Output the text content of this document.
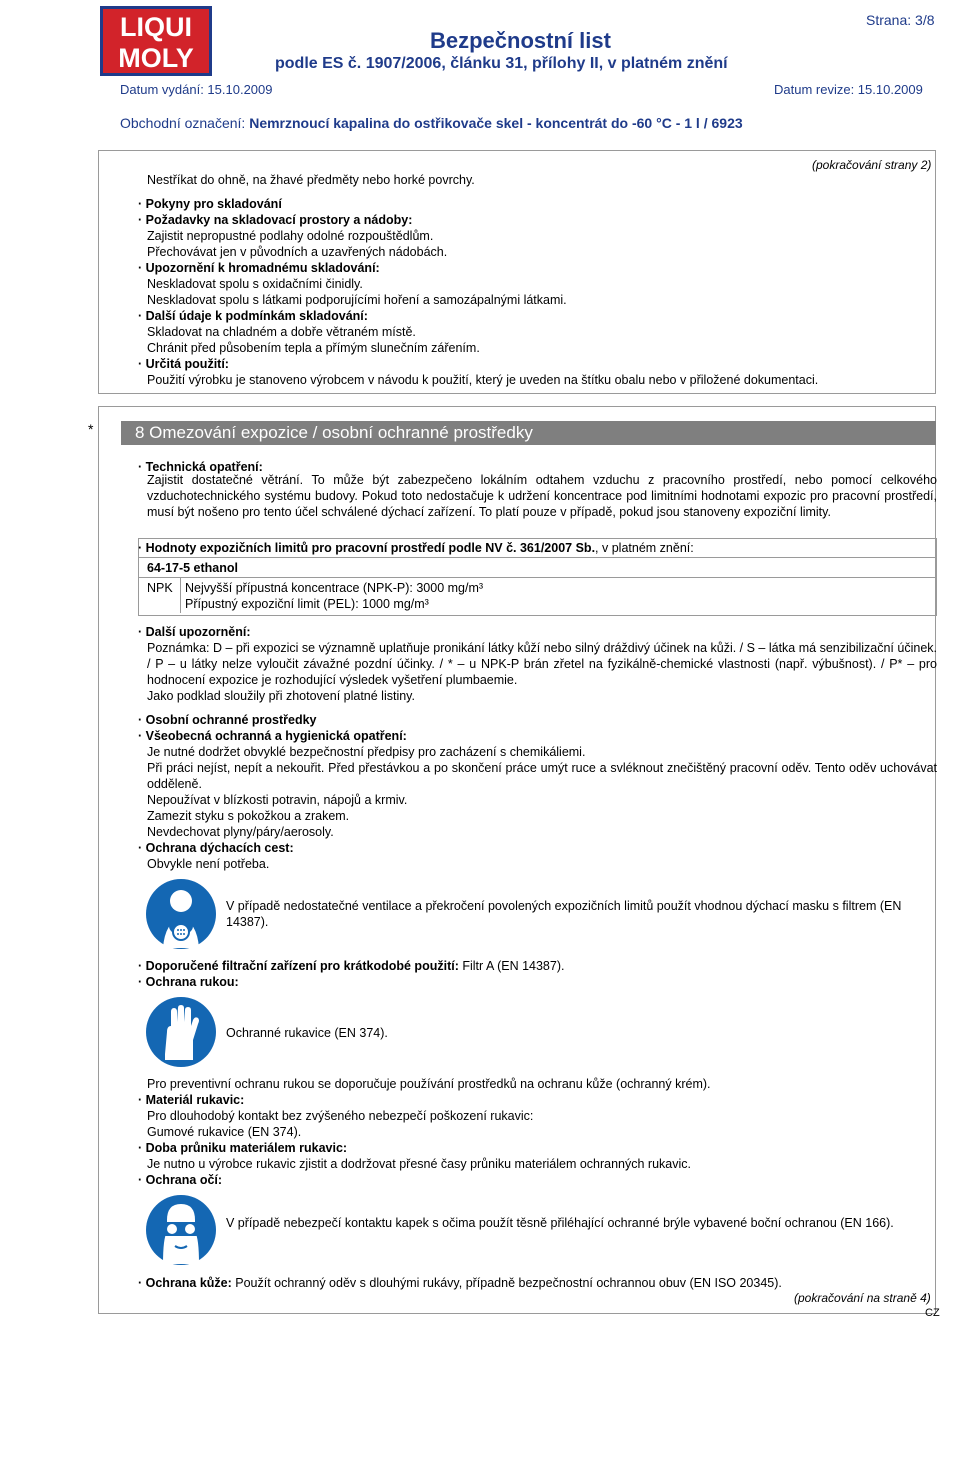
LIQUI
MOLY
Bezpečnostní list
podle ES č. 1907/2006, článku 31, přílohy II, v platném znění
Strana: 3/8
Datum vydání: 15.10.2009	Datum revize: 15.10.2009
Obchodní označení: Nemrznoucí kapalina do ostřikovače skel - koncentrát do -60 °C - 1 l / 6923
(pokračování strany 2)
Nestříkat do ohně, na žhavé předměty nebo horké povrchy.
· Pokyny pro skladování
· Požadavky na skladovací prostory a nádoby:
Zajistit nepropustné podlahy odolné rozpouštědlům.
Přechovávat jen v původních a uzavřených nádobách.
· Upozornění k hromadnému skladování:
Neskladovat spolu s oxidačními činidly.
Neskladovat spolu s látkami podporujícími hoření a samozápalnými látkami.
· Další údaje k podmínkám skladování:
Skladovat na chladném a dobře větraném místě.
Chránit před působením tepla a přímým slunečním zářením.
· Určitá použití:
Použití výrobku je stanoveno výrobcem v návodu k použití, který je uveden na štítku obalu nebo v přiložené dokumentaci.
*	8 Omezování expozice / osobní ochranné prostředky
· Technická opatření:
Zajistit dostatečné větrání. To může být zabezpečeno lokálním odtahem vzduchu z pracovního prostředí, nebo pomocí celkového vzduchotechnického systému budovy. Pokud toto nedostačuje k udržení koncentrace pod limitními hodnotami expozic pro pracovní prostředí, musí být nošeno pro tento účel schválené dýchací zařízení. To platí pouze v případě, pokud jsou stanoveny expoziční limity.
· Hodnoty expozičních limitů pro pracovní prostředí podle NV č. 361/2007 Sb., v platném znění:
64-17-5 ethanol
NPK Nejvyšší přípustná koncentrace (NPK-P): 3000 mg/m³
Přípustný expoziční limit (PEL): 1000 mg/m³
· Další upozornění:
Poznámka: D – při expozici se významně uplatňuje pronikání látky kůží nebo silný dráždivý účinek na kůži. / S – látka má senzibilizační účinek. / P – u látky nelze vyloučit závažné pozdní účinky. / * – u NPK-P brán zřetel na fyzikálně-chemické vlastnosti (např. výbušnost). / P* – pro hodnocení expozice je rozhodující výsledek vyšetření plumbaemie.
Jako podklad sloužily při zhotovení platné listiny.
· Osobní ochranné prostředky
· Všeobecná ochranná a hygienická opatření:
Je nutné dodržet obvyklé bezpečnostní předpisy pro zacházení s chemikáliemi.
Při práci nejíst, nepít a nekouřit. Před přestávkou a po skončení práce umýt ruce a svléknout znečištěný pracovní oděv. Tento oděv uchovávat odděleně.
Nepoužívat v blízkosti potravin, nápojů a krmiv.
Zamezit styku s pokožkou a zrakem.
Nevdechovat plyny/páry/aerosoly.
· Ochrana dýchacích cest:
Obvykle není potřeba.
V případě nedostatečné ventilace a překročení povolených expozičních limitů použít vhodnou dýchací masku s filtrem (EN 14387).
· Doporučené filtrační zařízení pro krátkodobé použití: Filtr A (EN 14387).
· Ochrana rukou:
Ochranné rukavice (EN 374).
Pro preventivní ochranu rukou se doporučuje používání prostředků na ochranu kůže (ochranný krém).
· Materiál rukavic:
Pro dlouhodobý kontakt bez zvýšeného nebezpečí poškození rukavic:
Gumové rukavice (EN 374).
· Doba průniku materiálem rukavic:
Je nutno u výrobce rukavic zjistit a dodržovat přesné časy průniku materiálem ochranných rukavic.
· Ochrana očí:
V případě nebezpečí kontaktu kapek s očima použít těsně přiléhající ochranné brýle vybavené boční ochranou (EN 166).
· Ochrana kůže: Použít ochranný oděv s dlouhými rukávy, případně bezpečnostní ochrannou obuv (EN ISO 20345).
(pokračování na straně 4)
CZ
